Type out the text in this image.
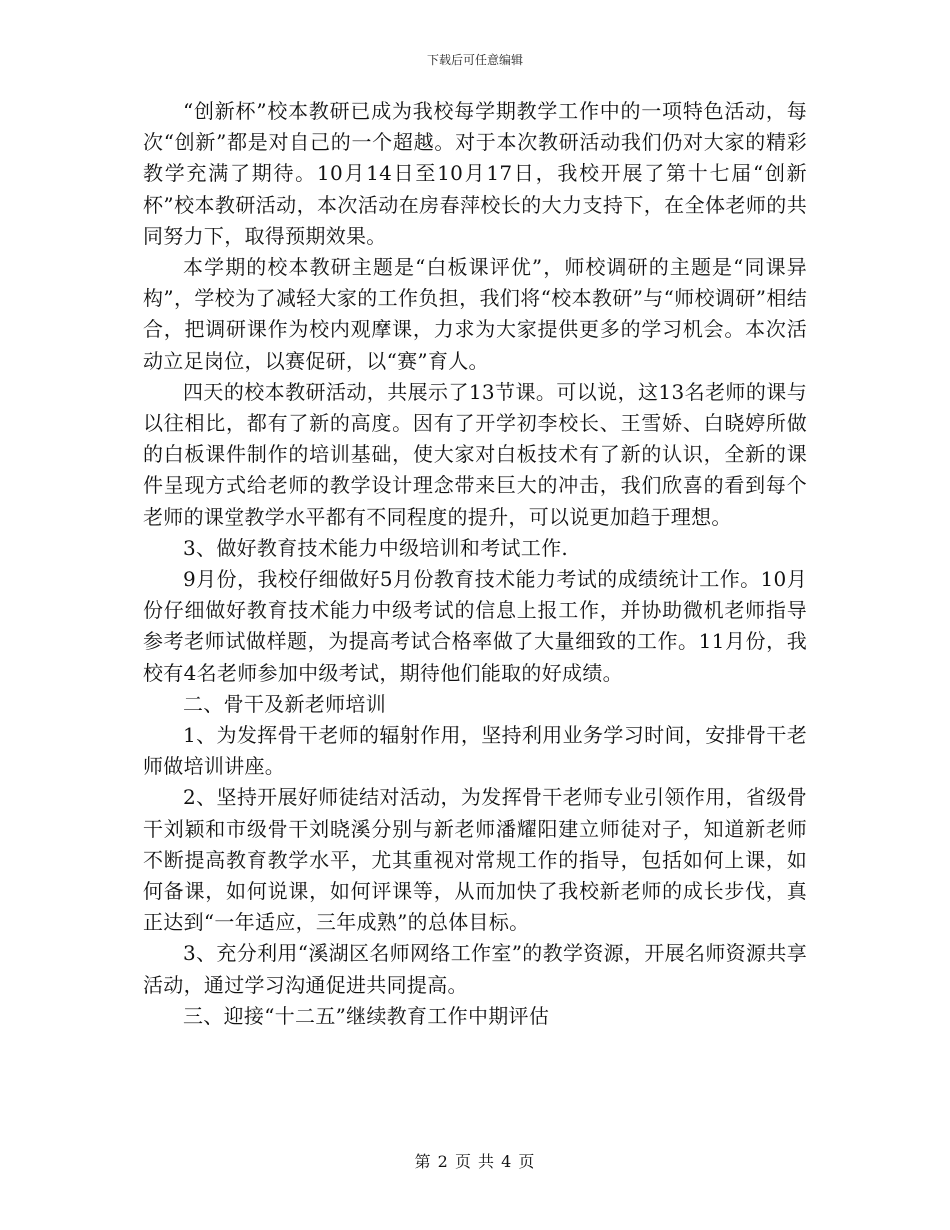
下载后可任意编辑

“创新杯”校本教研已成为我校每学期教学工作中的一项特色活动，每次“创新”都是对自己的一个超越。对于本次教研活动我们仍对大家的精彩教学充满了期待。10月14日至10月17日，我校开展了第十七届“创新杯”校本教研活动，本次活动在房春萍校长的大力支持下，在全体老师的共同努力下，取得预期效果。

本学期的校本教研主题是“白板课评优”，师校调研的主题是“同课异构”，学校为了减轻大家的工作负担，我们将“校本教研”与“师校调研”相结合，把调研课作为校内观摩课，力求为大家提供更多的学习机会。本次活动立足岗位，以赛促研，以“赛”育人。

四天的校本教研活动，共展示了13节课。可以说，这13名老师的课与以往相比，都有了新的高度。因有了开学初李校长、王雪娇、白晓婷所做的白板课件制作的培训基础，使大家对白板技术有了新的认识，全新的课件呈现方式给老师的教学设计理念带来巨大的冲击，我们欣喜的看到每个老师的课堂教学水平都有不同程度的提升，可以说更加趋于理想。

3、做好教育技术能力中级培训和考试工作.

9月份，我校仔细做好5月份教育技术能力考试的成绩统计工作。10月份仔细做好教育技术能力中级考试的信息上报工作，并协助微机老师指导参考老师试做样题，为提高考试合格率做了大量细致的工作。11月份，我校有4名老师参加中级考试，期待他们能取的好成绩。

二、骨干及新老师培训

1、为发挥骨干老师的辐射作用，坚持利用业务学习时间，安排骨干老师做培训讲座。

2、坚持开展好师徒结对活动，为发挥骨干老师专业引领作用，省级骨干刘颖和市级骨干刘晓溪分别与新老师潘耀阳建立师徒对子，知道新老师不断提高教育教学水平，尤其重视对常规工作的指导，包括如何上课，如何备课，如何说课，如何评课等，从而加快了我校新老师的成长步伐，真正达到“一年适应，三年成熟”的总体目标。

3、充分利用“溪湖区名师网络工作室”的教学资源，开展名师资源共享活动，通过学习沟通促进共同提高。

三、迎接“十二五”继续教育工作中期评估

第 2 页 共 4 页
